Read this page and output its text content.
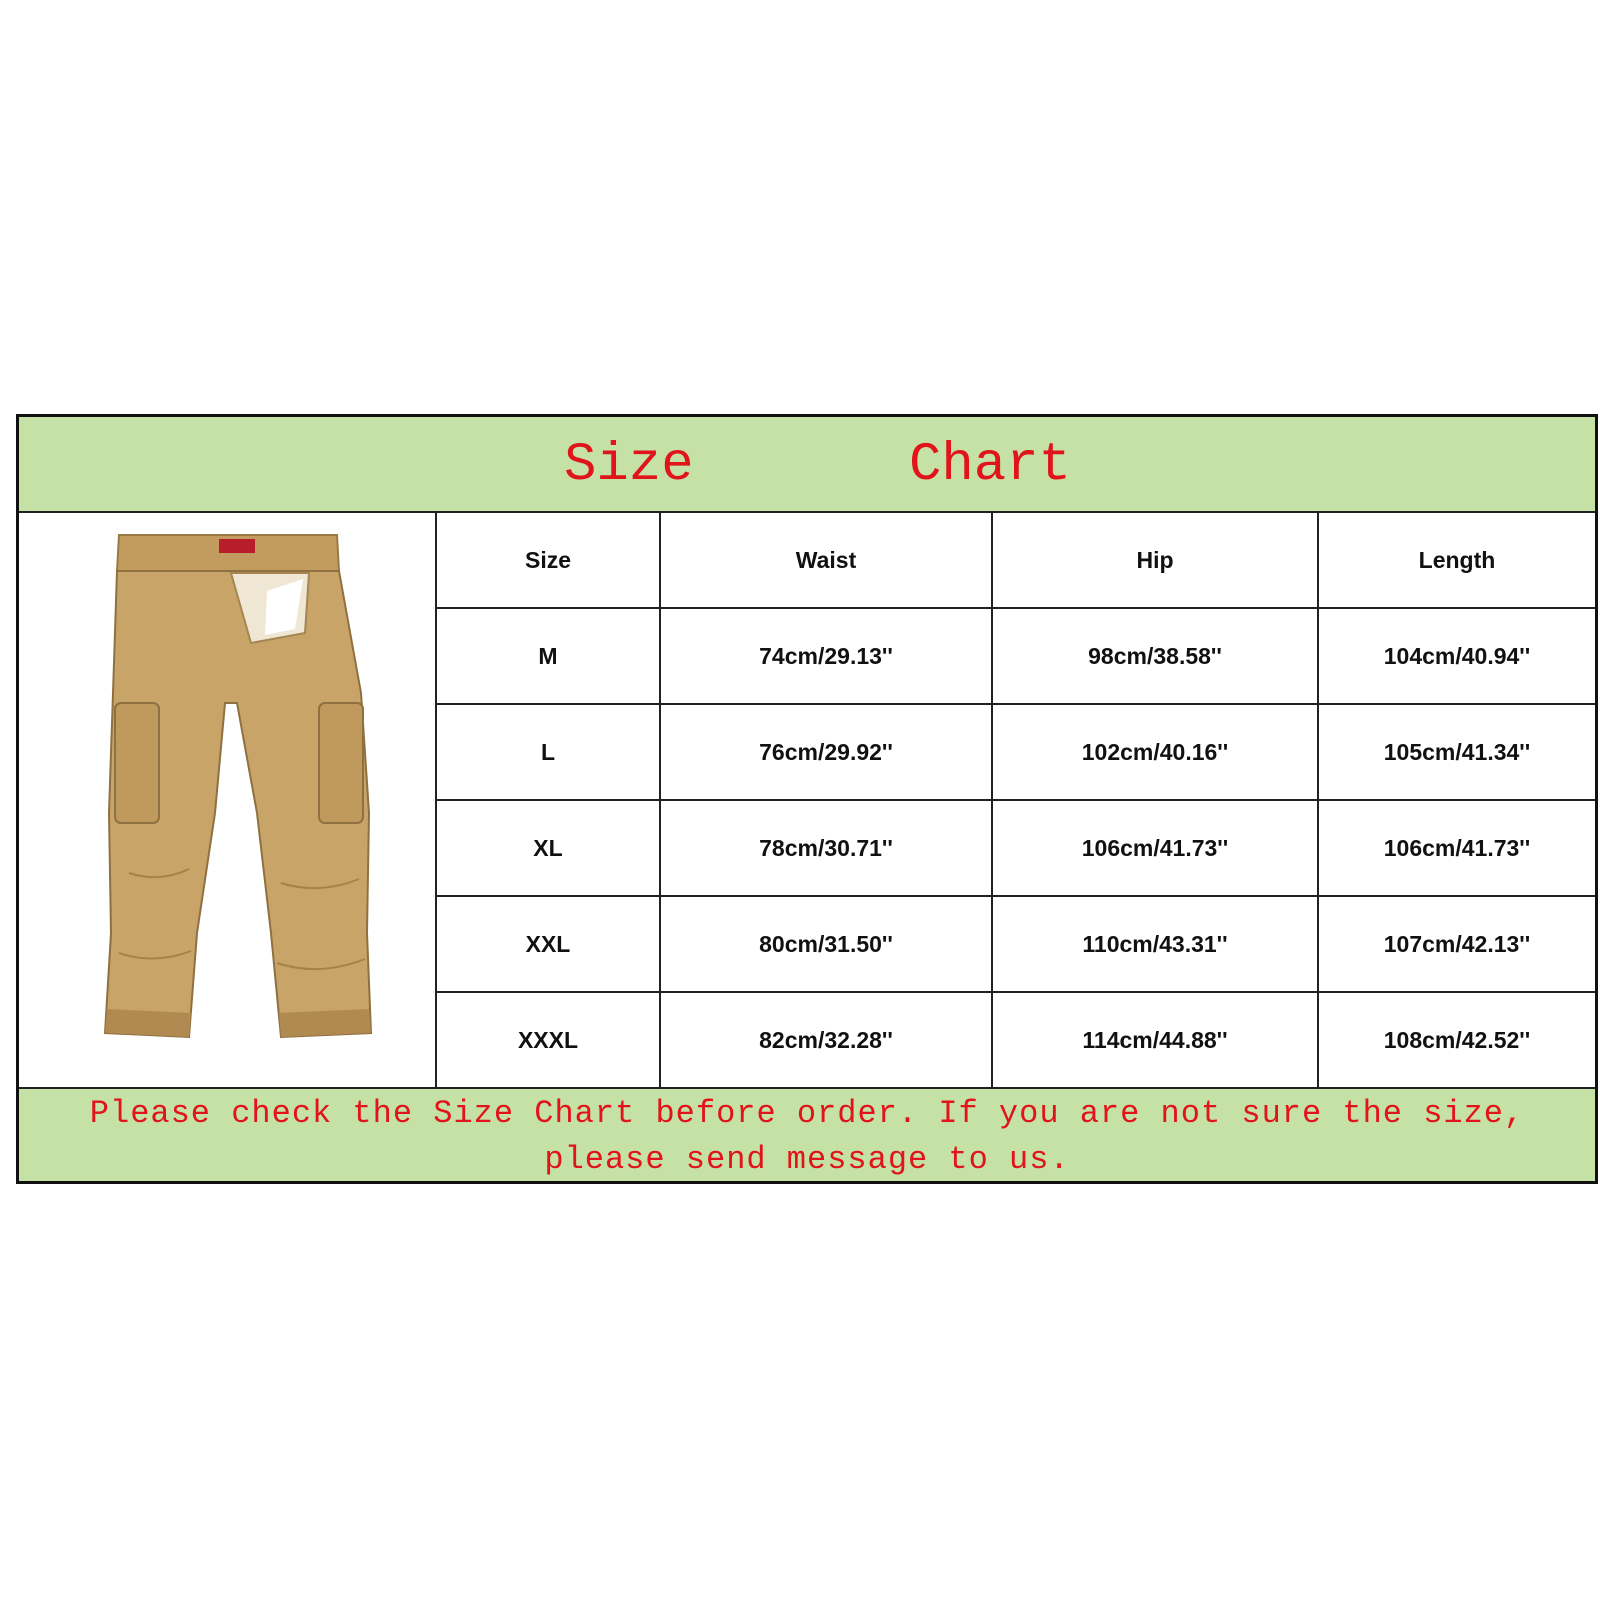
Size	Chart
Size	Waist	Hip	Length
M	74cm/29.13''	98cm/38.58''	104cm/40.94''
L	76cm/29.92''	102cm/40.16''	105cm/41.34''
XL	78cm/30.71''	106cm/41.73''	106cm/41.73''
XXL	80cm/31.50''	110cm/43.31''	107cm/42.13''
XXXL	82cm/32.28''	114cm/44.88''	108cm/42.52''
Please check the Size Chart before order. If you are not sure the size,
please send message to us.
